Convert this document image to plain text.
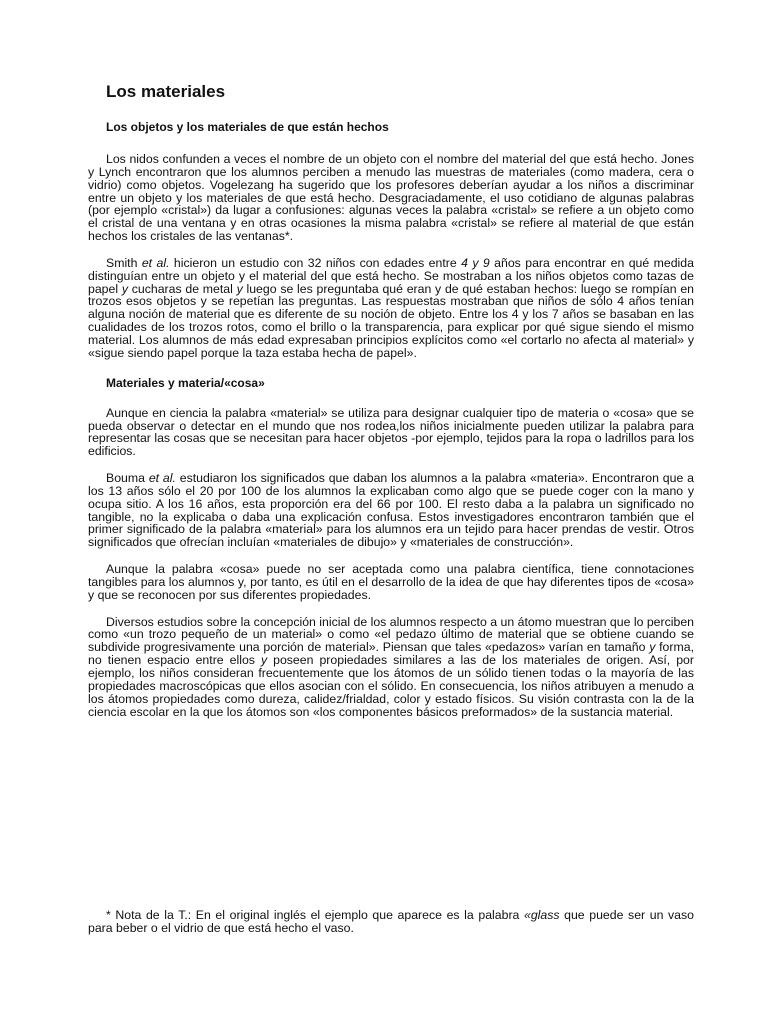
Los materiales
Los objetos y los materiales de que están hechos

Los nidos confunden a veces el nombre de un objeto con el nombre del material del que está hecho. Jones y Lynch encontraron que los alumnos perciben a menudo las muestras de materiales (como madera, cera o vidrio) como objetos. Vogelezang ha sugerido que los profesores deberían ayudar a los niños a discriminar entre un objeto y los materiales de que está hecho. Desgraciadamente, el uso cotidiano de algunas palabras (por ejemplo «cristal») da lugar a confusiones: algunas veces la palabra «cristal» se refiere a un objeto como el cristal de una ventana y en otras ocasiones la misma palabra «cristal» se refiere al material de que están hechos los cristales de las ventanas*.

Smith et al. hicieron un estudio con 32 niños con edades entre 4 y 9 años para encontrar en qué medida distinguían entre un objeto y el material del que está hecho. Se mostraban a los niños objetos como tazas de papel y cucharas de metal y luego se les preguntaba qué eran y de qué estaban hechos: luego se rompían en trozos esos objetos y se repetían las preguntas. Las respuestas mostraban que niños de sólo 4 años tenían alguna noción de material que es diferente de su noción de objeto. Entre los 4 y los 7 años se basaban en las cualidades de los trozos rotos, como el brillo o la transparencia, para explicar por qué sigue siendo el mismo material. Los alumnos de más edad expresaban principios explícitos como «el cortarlo no afecta al material» y «sigue siendo papel porque la taza estaba hecha de papel».

Materiales y materia/«cosa»

Aunque en ciencia la palabra «material» se utiliza para designar cualquier tipo de materia o «cosa» que se pueda observar o detectar en el mundo que nos rodea,los niños inicialmente pueden utilizar la palabra para representar las cosas que se necesitan para hacer objetos -por ejemplo, tejidos para la ropa o ladrillos para los edificios.

Bouma et al. estudiaron los significados que daban los alumnos a la palabra «materia». Encontraron que a los 13 años sólo el 20 por 100 de los alumnos la explicaban como algo que se puede coger con la mano y ocupa sitio. A los 16 años, esta proporción era del 66 por 100. El resto daba a la palabra un significado no tangible, no la explicaba o daba una explicación confusa. Estos investigadores encontraron también que el primer significado de la palabra «material» para los alumnos era un tejido para hacer prendas de vestir. Otros significados que ofrecían incluían «materiales de dibujo» y «materiales de construcción».

Aunque la palabra «cosa» puede no ser aceptada como una palabra científica, tiene connotaciones tangibles para los alumnos y, por tanto, es útil en el desarrollo de la idea de que hay diferentes tipos de «cosa» y que se reconocen por sus diferentes propiedades.

Diversos estudios sobre la concepción inicial de los alumnos respecto a un átomo muestran que lo perciben como «un trozo pequeño de un material» o como «el pedazo último de material que se obtiene cuando se subdivide progresivamente una porción de material». Piensan que tales «pedazos» varían en tamaño y forma, no tienen espacio entre ellos y poseen propiedades similares a las de los materiales de origen. Así, por ejemplo, los niños consideran frecuentemente que los átomos de un sólido tienen todas o la mayoría de las propiedades macroscópicas que ellos asocian con el sólido. En consecuencia, los niños atribuyen a menudo a los átomos propiedades como dureza, calidez/frialdad, color y estado físicos. Su visión contrasta con la de la ciencia escolar en la que los átomos son «los componentes básicos preformados» de la sustancia material.

* Nota de la T.: En el original inglés el ejemplo que aparece es la palabra «glass que puede ser un vaso para beber o el vidrio de que está hecho el vaso.
